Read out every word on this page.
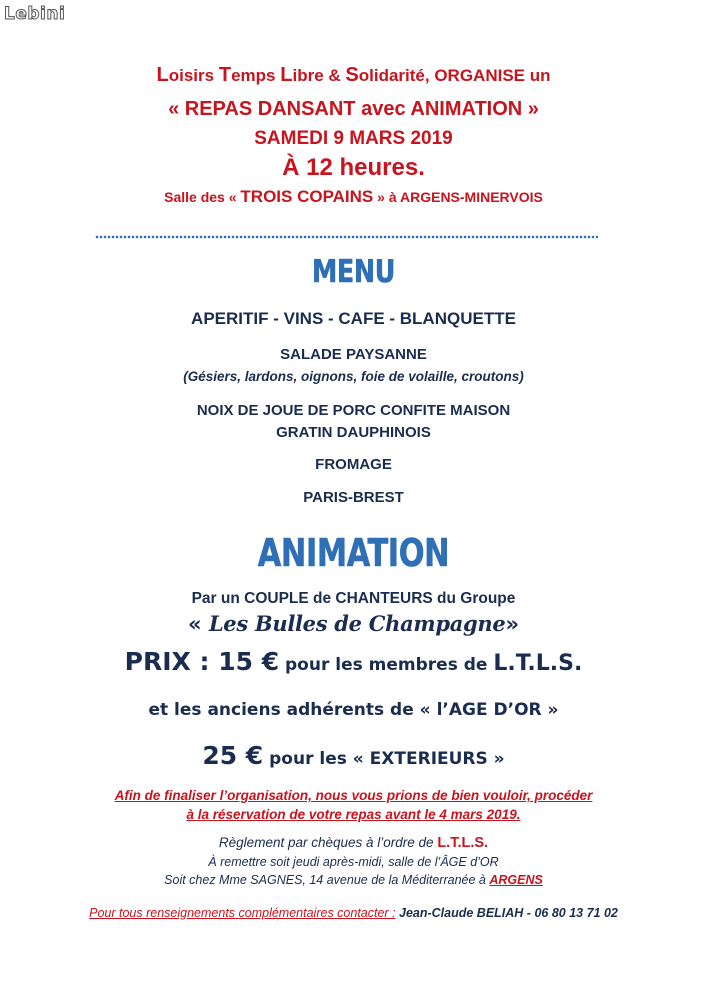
Lebini
Loisirs Temps Libre & Solidarité, ORGANISE un
« REPAS DANSANT avec ANIMATION »
SAMEDI 9 MARS 2019
À 12 heures.
Salle des « TROIS COPAINS » à ARGENS-MINERVOIS
MENU
APERITIF - VINS - CAFE - BLANQUETTE
SALADE PAYSANNE
(Gésiers, lardons, oignons, foie de volaille, croutons)
NOIX DE JOUE DE PORC CONFITE MAISON
GRATIN DAUPHINOIS
FROMAGE
PARIS-BREST
ANIMATION
Par un COUPLE de CHANTEURS du Groupe
« Les Bulles de Champagne»
PRIX : 15 € pour les membres de L.T.L.S.
et les anciens adhérents de « l’AGE D’OR »
25 € pour les « EXTERIEURS »
Afin de finaliser l’organisation, nous vous prions de bien vouloir, procéder
à la réservation de votre repas avant le 4 mars 2019.
Règlement par chèques à l’ordre de L.T.L.S.
À remettre soit jeudi après-midi, salle de l’ÂGE d’OR
Soit chez Mme SAGNES, 14 avenue de la Méditerranée à ARGENS
Pour tous renseignements complémentaires contacter : Jean-Claude BELIAH - 06 80 13 71 02
